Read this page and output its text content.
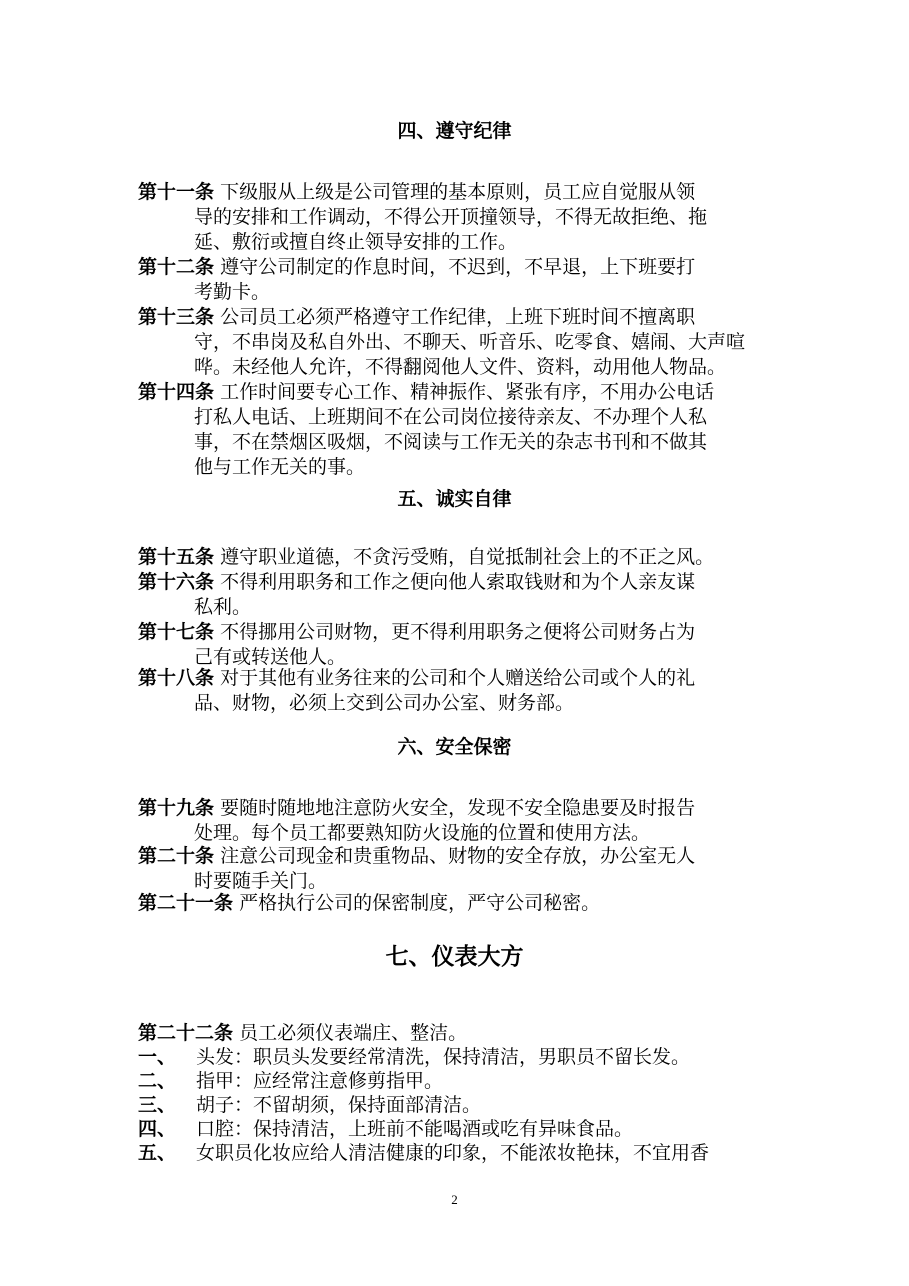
四、遵守纪律
第十一条 下级服从上级是公司管理的基本原则，员工应自觉服从领
导的安排和工作调动，不得公开顶撞领导，不得无故拒绝、拖
延、敷衍或擅自终止领导安排的工作。
第十二条 遵守公司制定的作息时间，不迟到，不早退，上下班要打
考勤卡。
第十三条 公司员工必须严格遵守工作纪律，上班下班时间不擅离职
守，不串岗及私自外出、不聊天、听音乐、吃零食、嬉闹、大声喧
哗。未经他人允许，不得翻阅他人文件、资料，动用他人物品。
第十四条 工作时间要专心工作、精神振作、紧张有序，不用办公电话
打私人电话、上班期间不在公司岗位接待亲友、不办理个人私
事，不在禁烟区吸烟，不阅读与工作无关的杂志书刊和不做其
他与工作无关的事。
五、诚实自律
第十五条 遵守职业道德，不贪污受贿，自觉抵制社会上的不正之风。
第十六条 不得利用职务和工作之便向他人索取钱财和为个人亲友谋
私利。
第十七条 不得挪用公司财物，更不得利用职务之便将公司财务占为
己有或转送他人。
第十八条 对于其他有业务往来的公司和个人赠送给公司或个人的礼
品、财物，必须上交到公司办公室、财务部。
六、安全保密
第十九条 要随时随地地注意防火安全，发现不安全隐患要及时报告
处理。每个员工都要熟知防火设施的位置和使用方法。
第二十条 注意公司现金和贵重物品、财物的安全存放，办公室无人
时要随手关门。
第二十一条 严格执行公司的保密制度，严守公司秘密。
七、仪表大方
第二十二条 员工必须仪表端庄、整洁。
一、 头发：职员头发要经常清洗，保持清洁，男职员不留长发。
二、 指甲：应经常注意修剪指甲。
三、 胡子：不留胡须，保持面部清洁。
四、 口腔：保持清洁，上班前不能喝酒或吃有异味食品。
五、 女职员化妆应给人清洁健康的印象，不能浓妆艳抹，不宜用香
2
